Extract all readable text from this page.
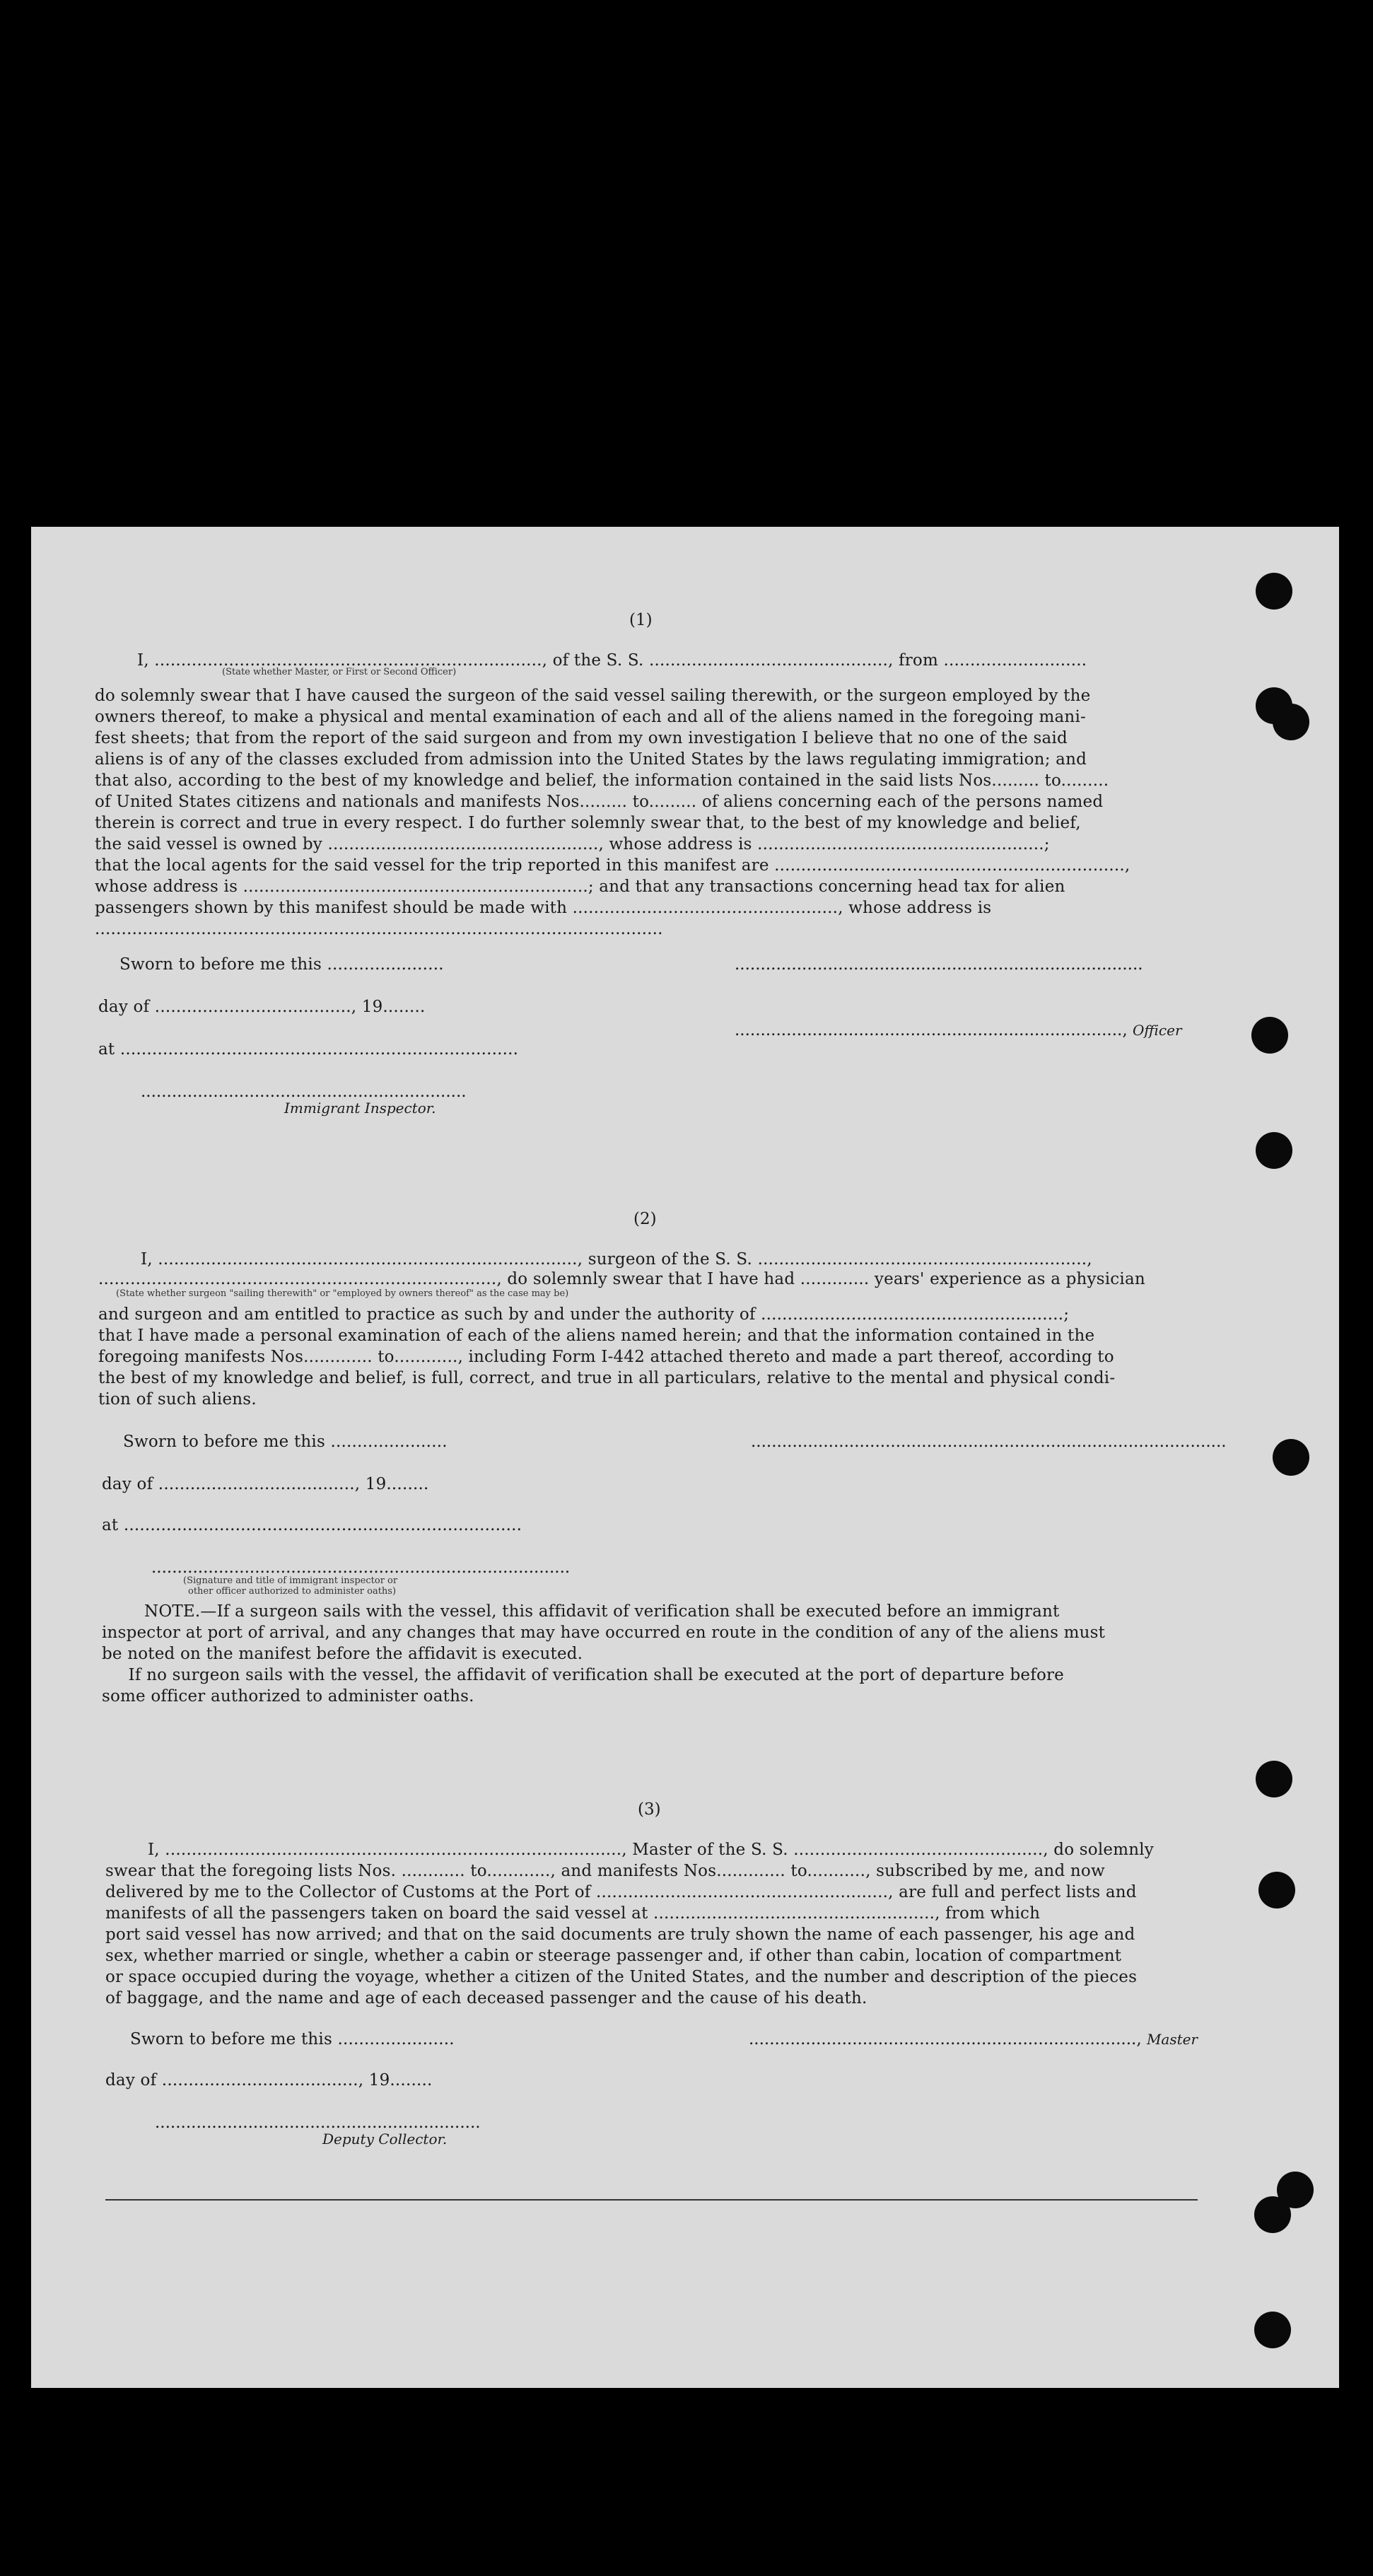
(1)
I, ........................................................................., of the S. S. ............................................., from ...........................
(State whether Master, or First or Second Officer)
do solemnly swear that I have caused the surgeon of the said vessel sailing therewith, or the surgeon employed by the
owners thereof, to make a physical and mental examination of each and all of the aliens named in the foregoing mani-
fest sheets; that from the report of the said surgeon and from my own investigation I believe that no one of the said
aliens is of any of the classes excluded from admission into the United States by the laws regulating immigration; and
that also, according to the best of my knowledge and belief, the information contained in the said lists Nos......... to.........
of United States citizens and nationals and manifests Nos......... to......... of aliens concerning each of the persons named
therein is correct and true in every respect. I do further solemnly swear that, to the best of my knowledge and belief,
the said vessel is owned by ..................................................., whose address is ......................................................;
that the local agents for the said vessel for the trip reported in this manifest are ..................................................................,
whose address is .................................................................; and that any transactions concerning head tax for alien
passengers shown by this manifest should be made with .................................................., whose address is
...........................................................................................................
Sworn to before me this ......................
day of ....................................., 19........
at ...........................................................................
...............................................................
Immigrant Inspector.
...............................................................................
..........................................................................., Officer
(2)
I, ..............................................................................., surgeon of the S. S. ..............................................................,
..........................................................................., do solemnly swear that I have had ............. years' experience as a physician
(State whether surgeon "sailing therewith" or "employed by owners thereof" as the case may be)
and surgeon and am entitled to practice as such by and under the authority of .........................................................;
that I have made a personal examination of each of the aliens named herein; and that the information contained in the
foregoing manifests Nos............. to............, including Form I-442 attached thereto and made a part thereof, according to
the best of my knowledge and belief, is full, correct, and true in all particulars, relative to the mental and physical condi-
tion of such aliens.
Sworn to before me this ......................
day of ....................................., 19........
at ...........................................................................
.................................................................................
(Signature and title of immigrant inspector or
other officer authorized to administer oaths)
............................................................................................
NOTE.—If a surgeon sails with the vessel, this affidavit of verification shall be executed before an immigrant
inspector at port of arrival, and any changes that may have occurred en route in the condition of any of the aliens must
be noted on the manifest before the affidavit is executed.
If no surgeon sails with the vessel, the affidavit of verification shall be executed at the port of departure before
some officer authorized to administer oaths.
(3)
I, ......................................................................................, Master of the S. S. ..............................................., do solemnly
swear that the foregoing lists Nos. ............ to............, and manifests Nos............. to..........., subscribed by me, and now
delivered by me to the Collector of Customs at the Port of ......................................................., are full and perfect lists and
manifests of all the passengers taken on board the said vessel at ....................................................., from which
port said vessel has now arrived; and that on the said documents are truly shown the name of each passenger, his age and
sex, whether married or single, whether a cabin or steerage passenger and, if other than cabin, location of compartment
or space occupied during the voyage, whether a citizen of the United States, and the number and description of the pieces
of baggage, and the name and age of each deceased passenger and the cause of his death.
Sworn to before me this ......................
day of ....................................., 19........
...............................................................
Deputy Collector.
..........................................................................., Master
